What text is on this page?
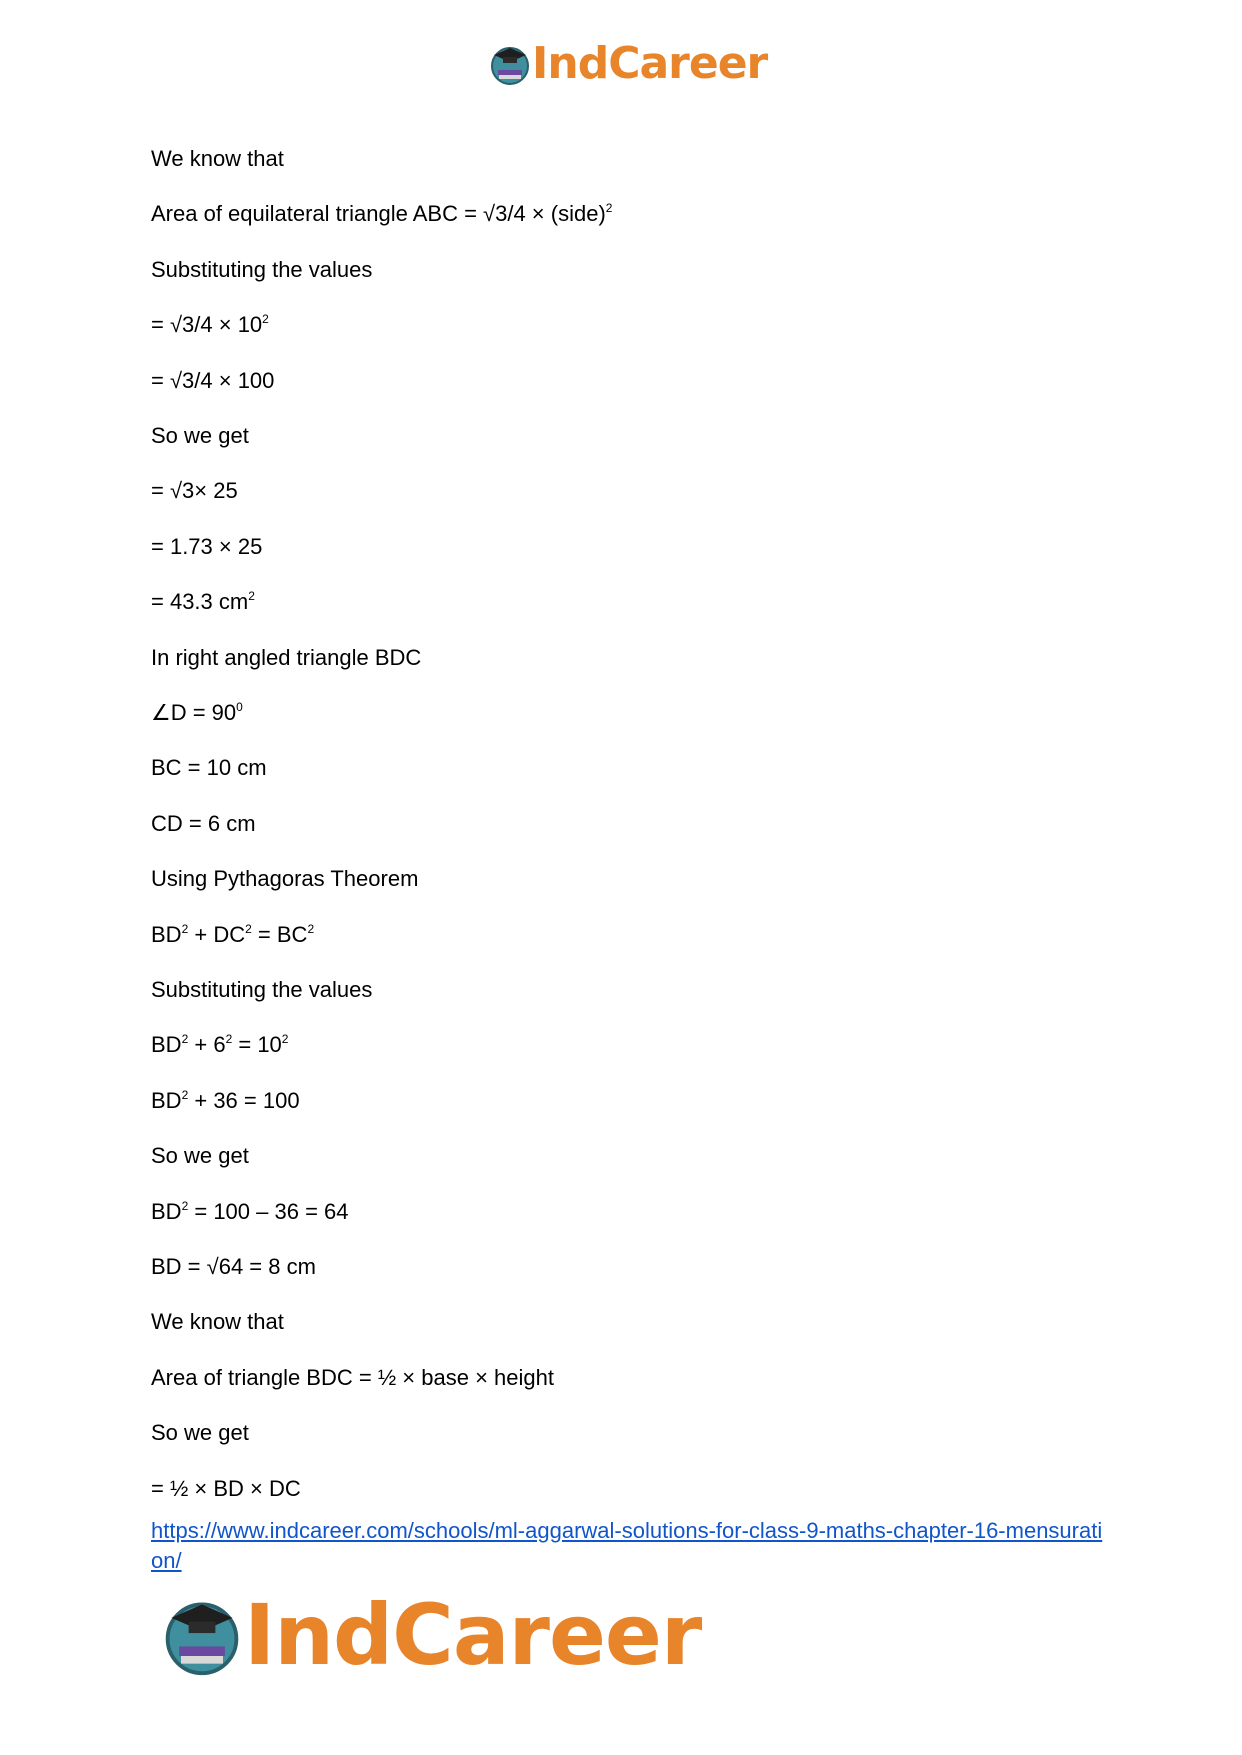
IndCareer
We know that
Area of equilateral triangle ABC = √3/4 × (side)$^2$
Substituting the values
= $√3/4 \times 10^2$
= √3/4 × 100
So we get
= √3× 25
= 1.73 × 25
= 43.3 $cm^2$
In right angled triangle BDC
∠D = $90^0$
BC = 10 cm
CD = 6 cm
Using Pythagoras Theorem
$BD^2 + DC^2 = BC^2$
Substituting the values
$BD^2 + 6^2 = 10^2$
$BD^2 + 36 = 100$
So we get
$BD^2 = 100 - 36 = 64$
BD = √64 = 8 cm
We know that
Area of triangle BDC = ½ × base × height
So we get
= ½ × BD × DC
https://www.indcareer.com/schools/ml-aggarwal-solutions-for-class-9-maths-chapter-16-mensuration/
IndCareer
